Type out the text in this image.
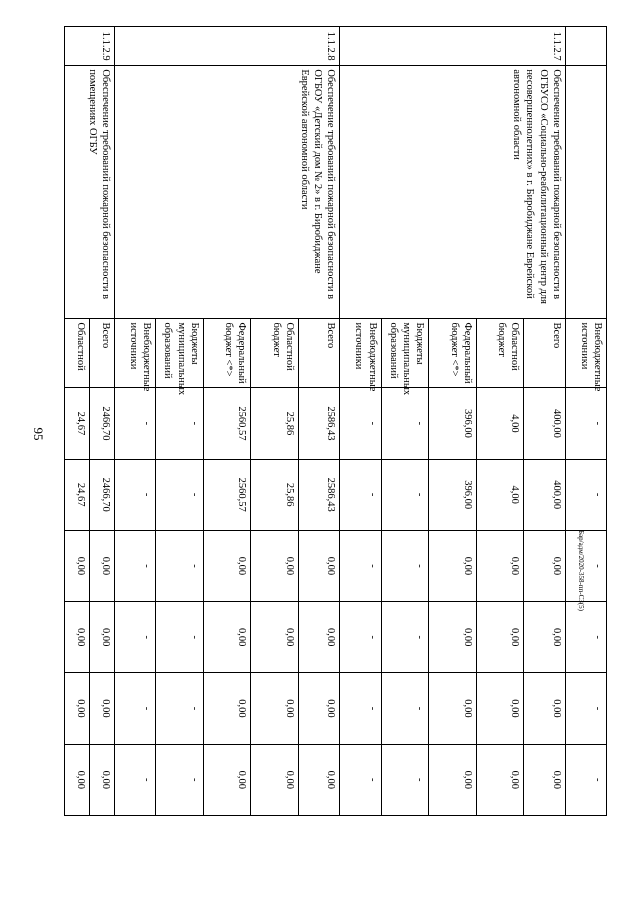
95
Бар/адм/2020-358-пп-СЗ(5)
		Внебюджетные источники	-	-	-	-	-	-
1.1.2.7	Обеспечение требований пожарной безопасности в ОГБУСО «Социально-реабилитационный центр для несовершеннолетних» в г. Биробиджане Еврейской автономной области	Всего	400,00	400,00	0,00	0,00	0,00	0,00
		Областной бюджет	4,00	4,00	0,00	0,00	0,00	0,00
		Федеральный бюджет <*>	396,00	396,00	0,00	0,00	0,00	0,00
		Бюджеты муниципальных образований	-	-	-	-	-	-
		Внебюджетные источники	-	-	-	-	-	-
1.1.2.8	Обеспечение требований пожарной безопасности в ОГБОУ «Детский дом № 2» в г. Биробиджане Еврейской автономной области	Всего	2586,43	2586,43	0,00	0,00	0,00	0,00
		Областной бюджет	25,86	25,86	0,00	0,00	0,00	0,00
		Федеральный бюджет <*>	2560,57	2560,57	0,00	0,00	0,00	0,00
		Бюджеты муниципальных образований	-	-	-	-	-	-
		Внебюджетные источники	-	-	-	-	-	-
1.1.2.9	Обеспечение требований пожарной безопасности в помещениях ОГБУ	Всего	2466,70	2466,70	0,00	0,00	0,00	0,00
		Областной	24,67	24,67	0,00	0,00	0,00	0,00
